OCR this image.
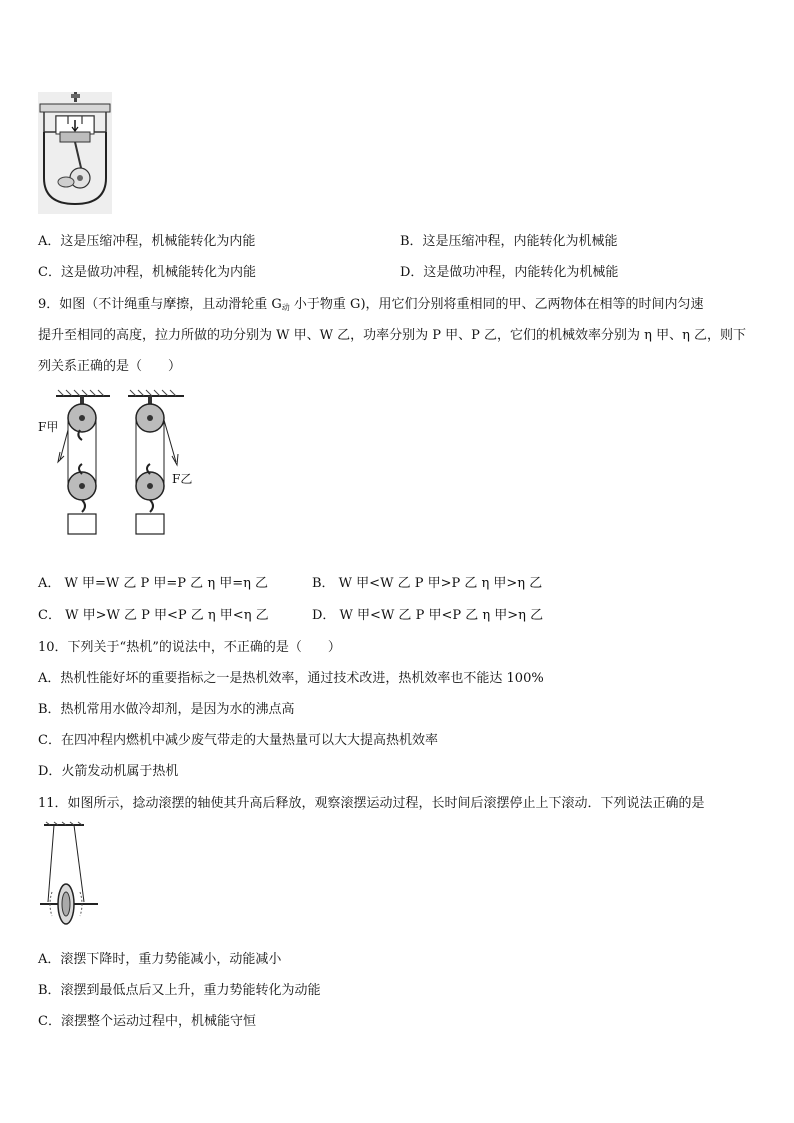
A．这是压缩冲程，机械能转化为内能	B．这是压缩冲程，内能转化为机械能
C．这是做功冲程，机械能转化为内能	D．这是做功冲程，内能转化为机械能
9．如图（不计绳重与摩擦，且动滑轮重 $G_动$ 小于物重 G)，用它们分别将重相同的甲、乙两物体在相等的时间内匀速
提升至相同的高度，拉力所做的功分别为 W 甲、W 乙，功率分别为 P 甲、P 乙，它们的机械效率分别为 η 甲、η 乙，则下
列关系正确的是（　　）
F甲
F乙
A． W 甲=W 乙 P 甲=P 乙 η 甲=η 乙	B． W 甲<W 乙 P 甲>P 乙 η 甲>η 乙
C． W 甲>W 乙 P 甲<P 乙 η 甲<η 乙	D． W 甲<W 乙 P 甲<P 乙 η 甲>η 乙
10．下列关于“热机”的说法中，不正确的是（　　）
A．热机性能好坏的重要指标之一是热机效率，通过技术改进，热机效率也不能达 100%
B．热机常用水做冷却剂，是因为水的沸点高
C．在四冲程内燃机中减少废气带走的大量热量可以大大提高热机效率
D．火箭发动机属于热机
11．如图所示，捻动滚摆的轴使其升高后释放，观察滚摆运动过程，长时间后滚摆停止上下滚动．下列说法正确的是
A．滚摆下降时，重力势能减小，动能减小
B．滚摆到最低点后又上升，重力势能转化为动能
C．滚摆整个运动过程中，机械能守恒
